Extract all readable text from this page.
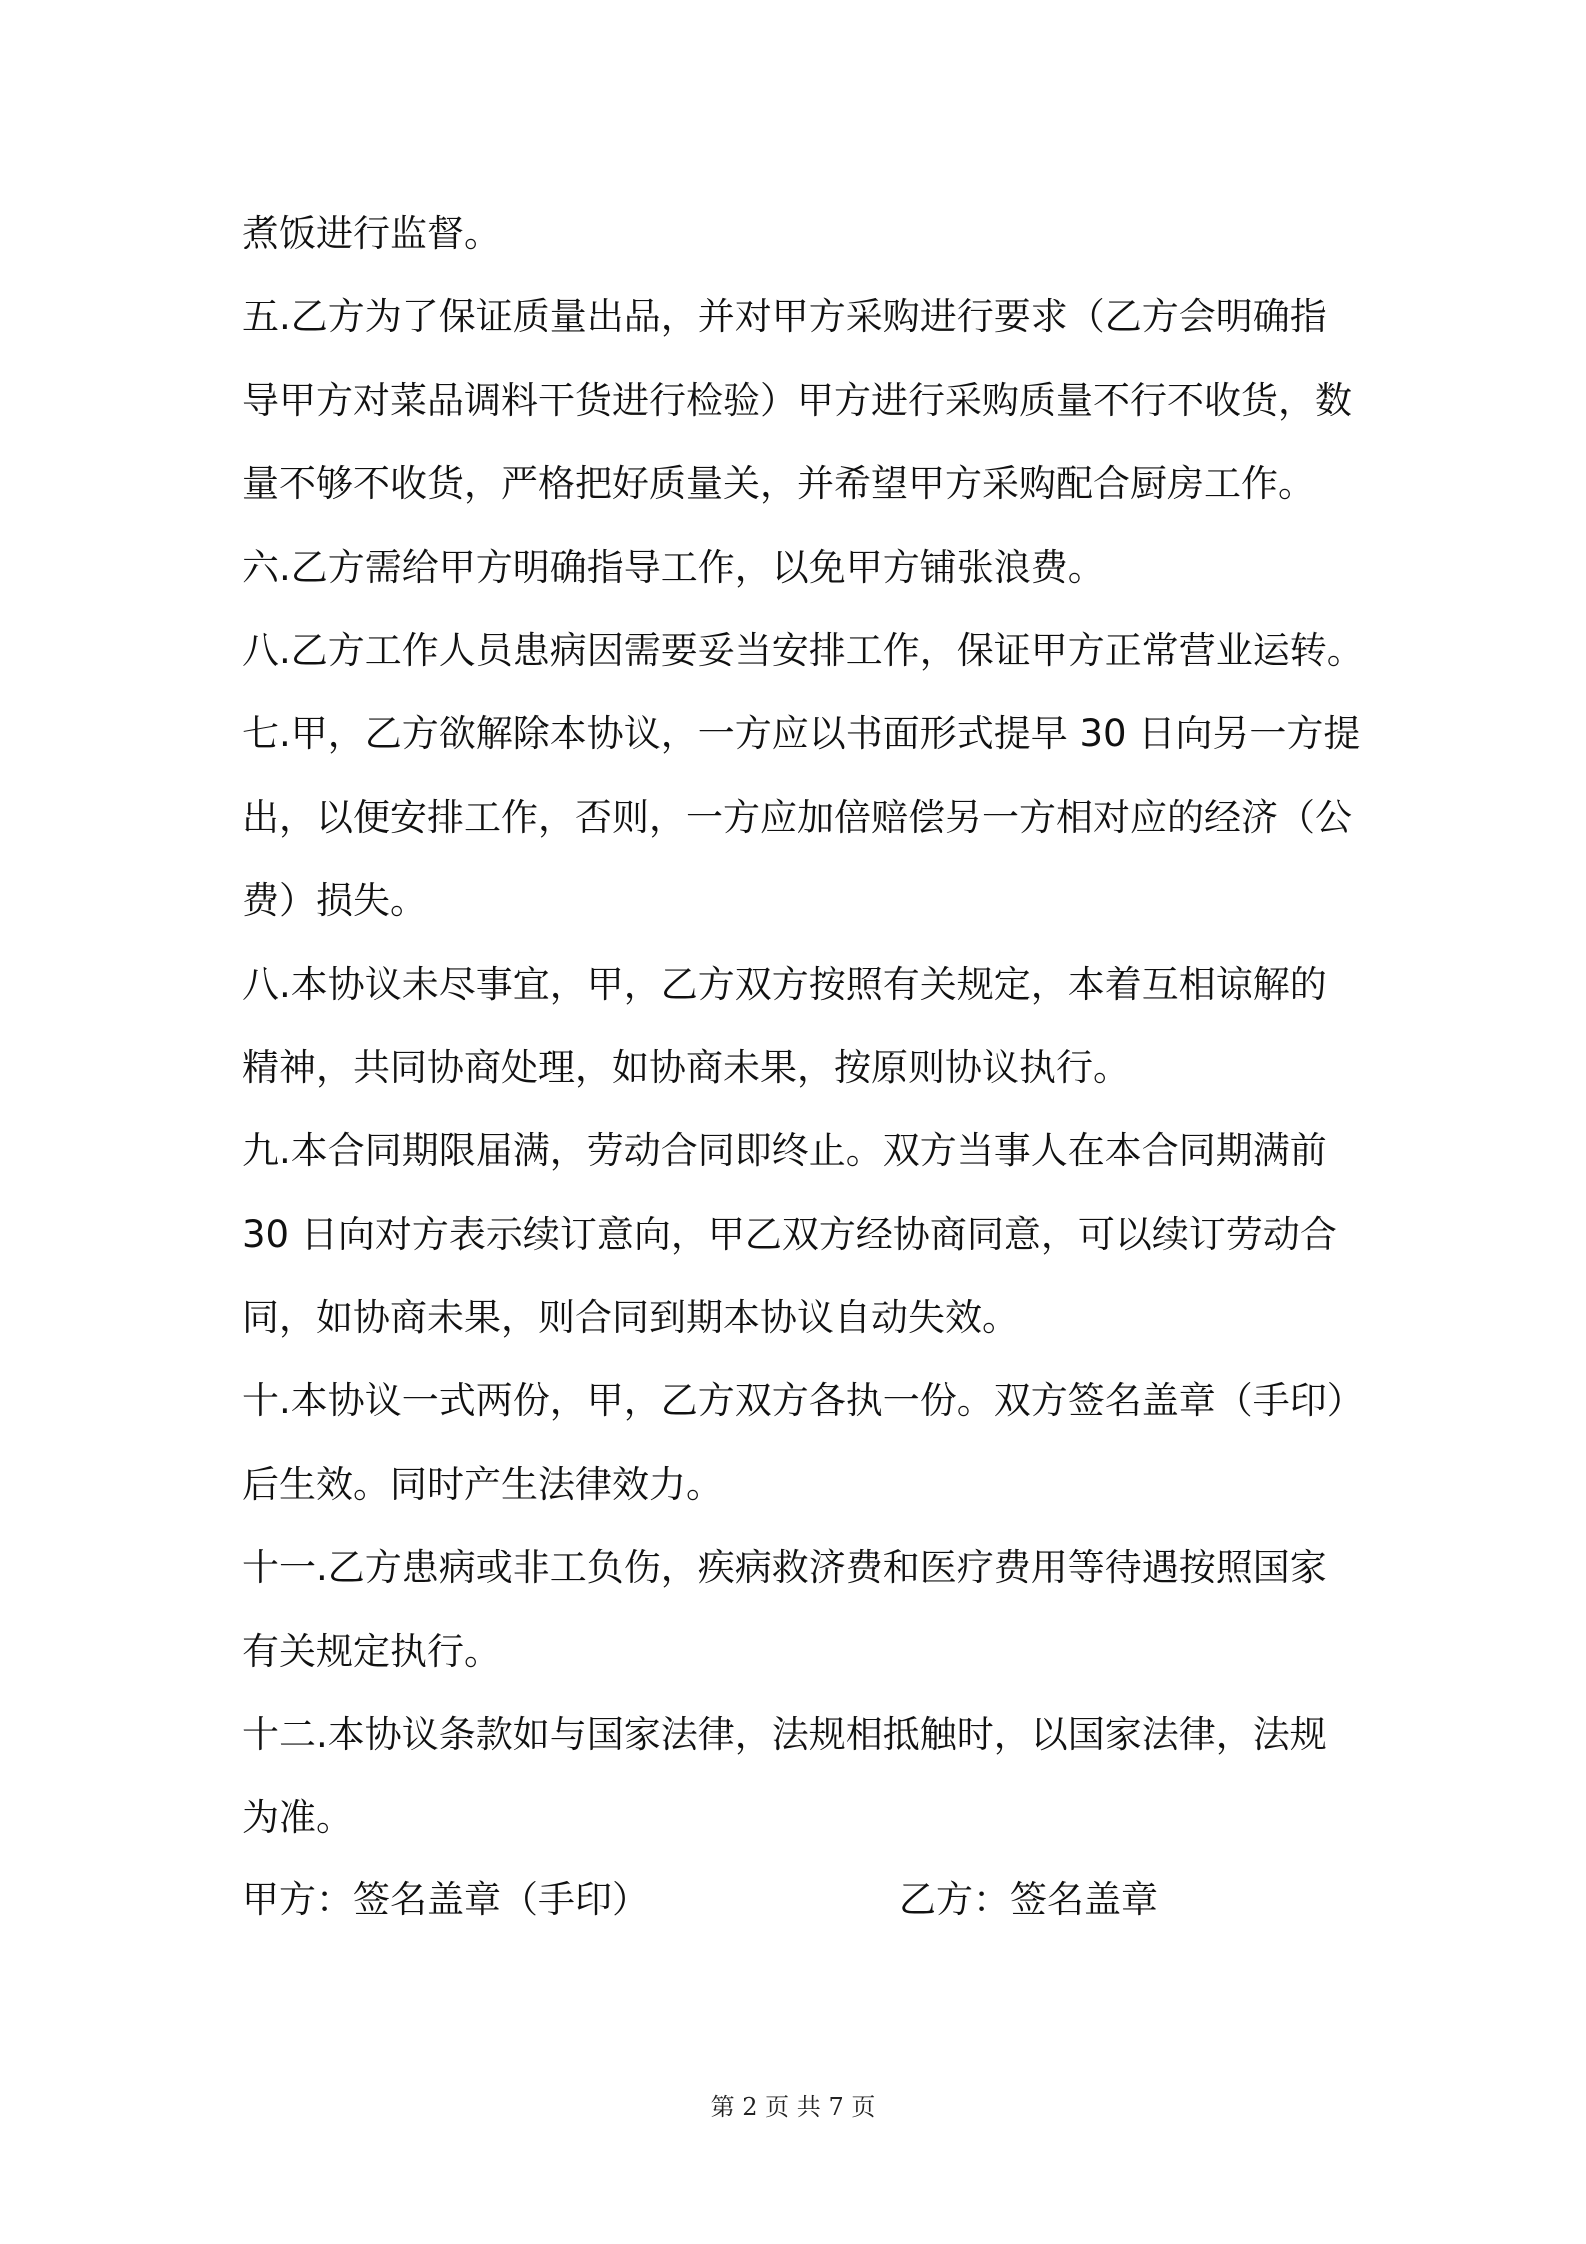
煮饭进行监督。
五.乙方为了保证质量出品，并对甲方采购进行要求（乙方会明确指
导甲方对菜品调料干货进行检验）甲方进行采购质量不行不收货，数
量不够不收货，严格把好质量关，并希望甲方采购配合厨房工作。
六.乙方需给甲方明确指导工作，以免甲方铺张浪费。
八.乙方工作人员患病因需要妥当安排工作，保证甲方正常营业运转。
七.甲，乙方欲解除本协议，一方应以书面形式提早 30 日向另一方提
出，以便安排工作，否则，一方应加倍赔偿另一方相对应的经济（公
费）损失。
八.本协议未尽事宜，甲，乙方双方按照有关规定，本着互相谅解的
精神，共同协商处理，如协商未果，按原则协议执行。
九.本合同期限届满，劳动合同即终止。双方当事人在本合同期满前
30 日向对方表示续订意向，甲乙双方经协商同意，可以续订劳动合
同，如协商未果，则合同到期本协议自动失效。
十.本协议一式两份，甲，乙方双方各执一份。双方签名盖章（手印）
后生效。同时产生法律效力。
十一.乙方患病或非工负伤，疾病救济费和医疗费用等待遇按照国家
有关规定执行。
十二.本协议条款如与国家法律，法规相抵触时，以国家法律，法规
为准。
甲方：签名盖章（手印）	乙方：签名盖章
第 2 页 共 7 页
